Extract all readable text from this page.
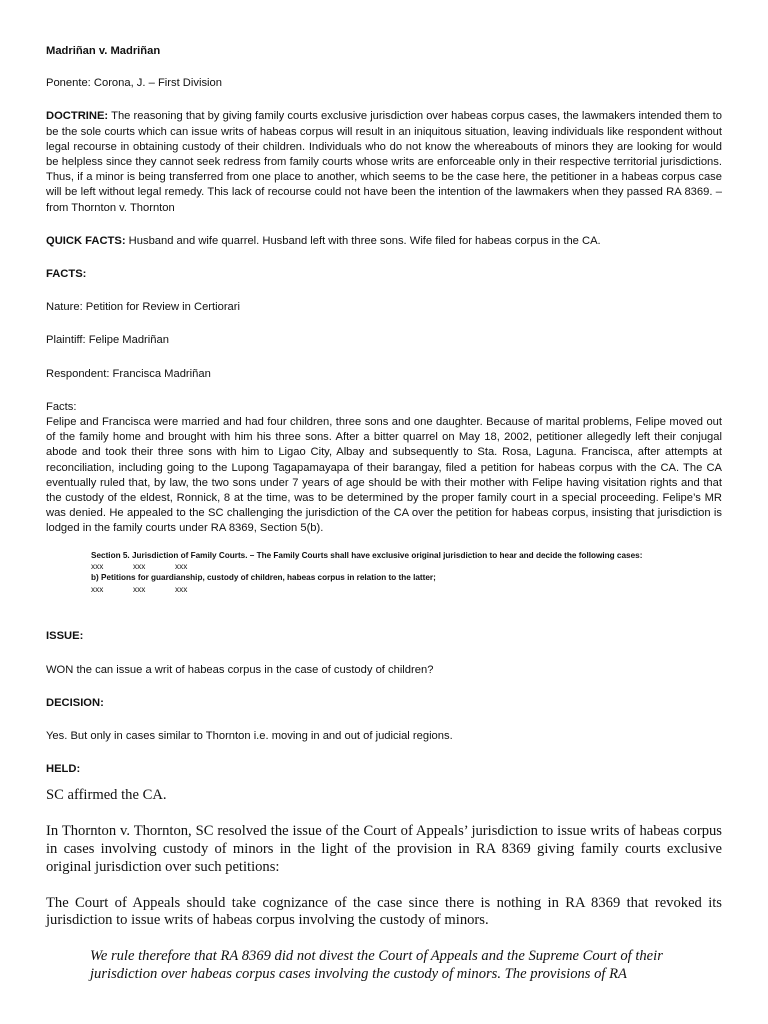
Madriñan v. Madriñan

Ponente: Corona, J. – First Division

DOCTRINE: The reasoning that by giving family courts exclusive jurisdiction over habeas corpus cases, the lawmakers intended them to be the sole courts which can issue writs of habeas corpus will result in an iniquitous situation, leaving individuals like respondent without legal recourse in obtaining custody of their children. Individuals who do not know the whereabouts of minors they are looking for would be helpless since they cannot seek redress from family courts whose writs are enforceable only in their respective territorial jurisdictions. Thus, if a minor is being transferred from one place to another, which seems to be the case here, the petitioner in a habeas corpus case will be left without legal remedy. This lack of recourse could not have been the intention of the lawmakers when they passed RA 8369. – from Thornton v. Thornton

QUICK FACTS: Husband and wife quarrel. Husband left with three sons. Wife filed for habeas corpus in the CA.

FACTS:

Nature: Petition for Review in Certiorari

Plaintiff: Felipe Madriñan

Respondent: Francisca Madriñan

Facts:

Felipe and Francisca were married and had four children, three sons and one daughter. Because of marital problems, Felipe moved out of the family home and brought with him his three sons. After a bitter quarrel on May 18, 2002, petitioner allegedly left their conjugal abode and took their three sons with him to Ligao City, Albay and subsequently to Sta. Rosa, Laguna. Francisca, after attempts at reconciliation, including going to the Lupong Tagapamayapa of their barangay, filed a petition for habeas corpus with the CA. The CA eventually ruled that, by law, the two sons under 7 years of age should be with their mother with Felipe having visitation rights and that the custody of the eldest, Ronnick, 8 at the time, was to be determined by the proper family court in a special proceeding. Felipe’s MR was denied. He appealed to the SC challenging the jurisdiction of the CA over the petition for habeas corpus, insisting that jurisdiction is lodged in the family courts under RA 8369, Section 5(b).

Section 5. Jurisdiction of Family Courts. – The Family Courts shall have exclusive original jurisdiction to hear and decide the following cases:

xxx	xxx	xxx

b) Petitions for guardianship, custody of children, habeas corpus in relation to the latter;

xxx	xxx	xxx

ISSUE:

WON the can issue a writ of habeas corpus in the case of custody of children?

DECISION:

Yes. But only in cases similar to Thornton i.e. moving in and out of judicial regions.

HELD:

SC affirmed the CA.

In Thornton v. Thornton, SC resolved the issue of the Court of Appeals’ jurisdiction to issue writs of habeas corpus in cases involving custody of minors in the light of the provision in RA 8369 giving family courts exclusive original jurisdiction over such petitions:

The Court of Appeals should take cognizance of the case since there is nothing in RA 8369 that revoked its jurisdiction to issue writs of habeas corpus involving the custody of minors.

We rule therefore that RA 8369 did not divest the Court of Appeals and the Supreme Court of their jurisdiction over habeas corpus cases involving the custody of minors. The provisions of RA
